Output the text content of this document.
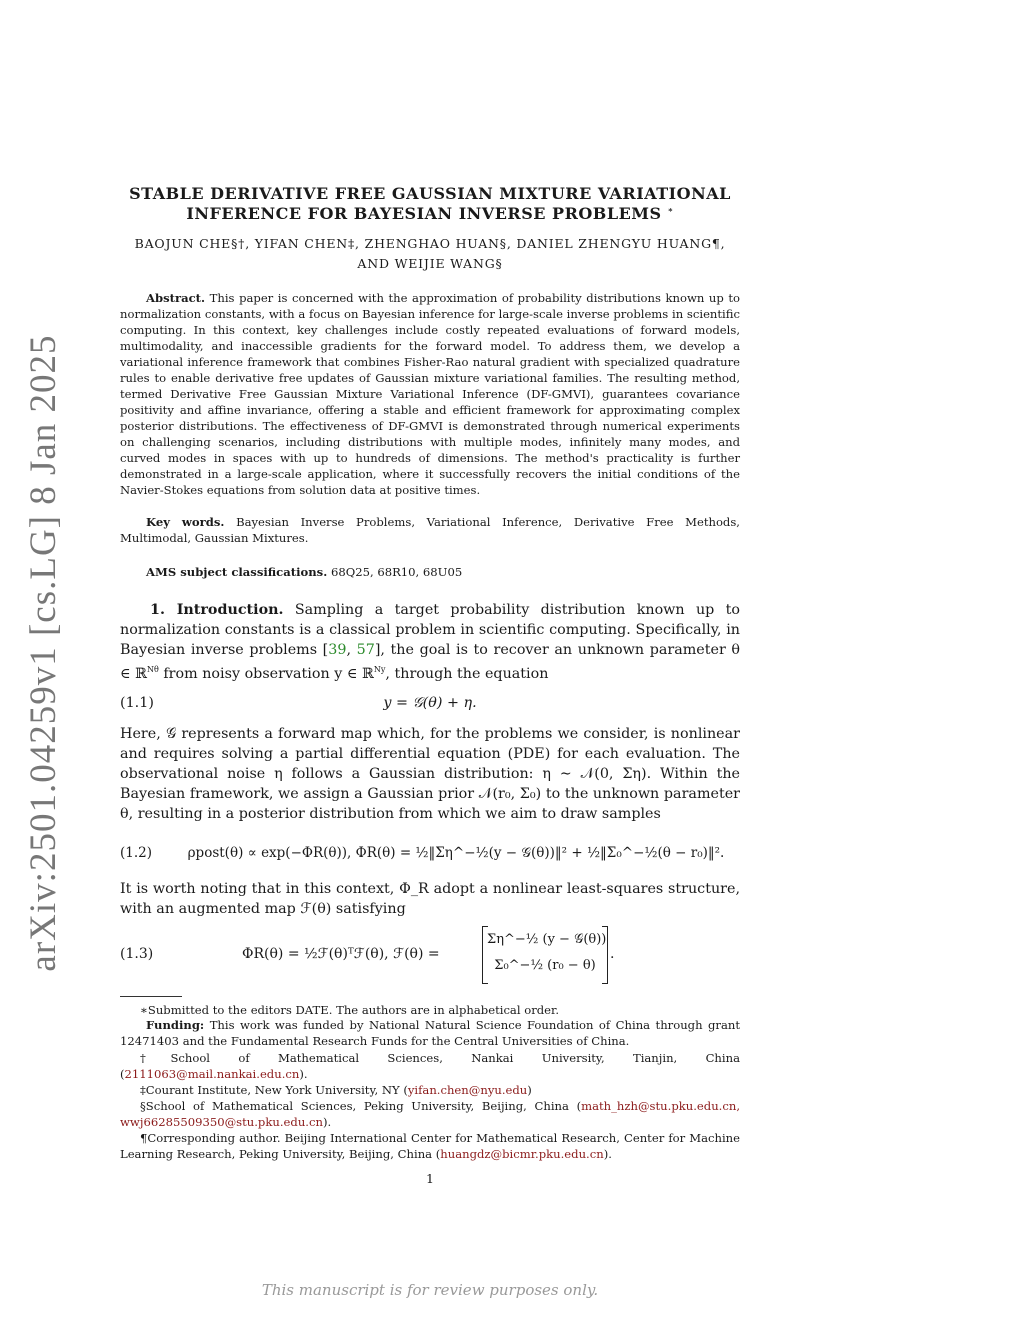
arXiv:2501.04259v1 [cs.LG] 8 Jan 2025
STABLE DERIVATIVE FREE GAUSSIAN MIXTURE VARIATIONAL
INFERENCE FOR BAYESIAN INVERSE PROBLEMS ∗
BAOJUN CHE§†, YIFAN CHEN‡, ZHENGHAO HUAN§, DANIEL ZHENGYU HUANG¶,
AND WEIJIE WANG§
Abstract. This paper is concerned with the approximation of probability distributions known up to normalization constants, with a focus on Bayesian inference for large-scale inverse problems in scientific computing. In this context, key challenges include costly repeated evaluations of forward models, multimodality, and inaccessible gradients for the forward model. To address them, we develop a variational inference framework that combines Fisher-Rao natural gradient with specialized quadrature rules to enable derivative free updates of Gaussian mixture variational families. The resulting method, termed Derivative Free Gaussian Mixture Variational Inference (DF-GMVI), guarantees covariance positivity and affine invariance, offering a stable and efficient framework for approximating complex posterior distributions. The effectiveness of DF-GMVI is demonstrated through numerical experiments on challenging scenarios, including distributions with multiple modes, infinitely many modes, and curved modes in spaces with up to hundreds of dimensions. The method's practicality is further demonstrated in a large-scale application, where it successfully recovers the initial conditions of the Navier-Stokes equations from solution data at positive times.
Key words. Bayesian Inverse Problems, Variational Inference, Derivative Free Methods, Multimodal, Gaussian Mixtures.
AMS subject classifications. 68Q25, 68R10, 68U05
1. Introduction. Sampling a target probability distribution known up to normalization constants is a classical problem in scientific computing. Specifically, in Bayesian inverse problems [39, 57], the goal is to recover an unknown parameter θ ∈ ℝ$^{N\theta}$ from noisy observation y ∈ ℝ$^{Ny}$, through the equation
(1.1)	y = 𝒢(θ) + η.
Here, 𝒢 represents a forward map which, for the problems we consider, is nonlinear and requires solving a partial differential equation (PDE) for each evaluation. The observational noise η follows a Gaussian distribution: η ∼ 𝒩(0, Ση). Within the Bayesian framework, we assign a Gaussian prior 𝒩(r₀, Σ₀) to the unknown parameter θ, resulting in a posterior distribution from which we aim to draw samples
(1.2)	ρpost(θ) ∝ exp(−ΦR(θ)), ΦR(θ) = ½‖Ση^−½(y − 𝒢(θ))‖² + ½‖Σ₀^−½(θ − r₀)‖².
It is worth noting that in this context, Φ_R adopt a nonlinear least-squares structure, with an augmented map ℱ(θ) satisfying
(1.3)	ΦR(θ) = ½ℱ(θ)ᵀℱ(θ), ℱ(θ) =
Ση^−½ (y − 𝒢(θ))
Σ₀^−½ (r₀ − θ)
.
∗Submitted to the editors DATE. The authors are in alphabetical order.
Funding: This work was funded by National Natural Science Foundation of China through grant 12471403 and the Fundamental Research Funds for the Central Universities of China.
†School of Mathematical Sciences, Nankai University, Tianjin, China
(2111063@mail.nankai.edu.cn).
‡Courant Institute, New York University, NY (yifan.chen@nyu.edu)
§School of Mathematical Sciences, Peking University, Beijing, China (math_hzh@stu.pku.edu.cn, wwj66285509350@stu.pku.edu.cn).
¶Corresponding author. Beijing International Center for Mathematical Research, Center for Machine Learning Research, Peking University, Beijing, China (huangdz@bicmr.pku.edu.cn).
1
This manuscript is for review purposes only.
